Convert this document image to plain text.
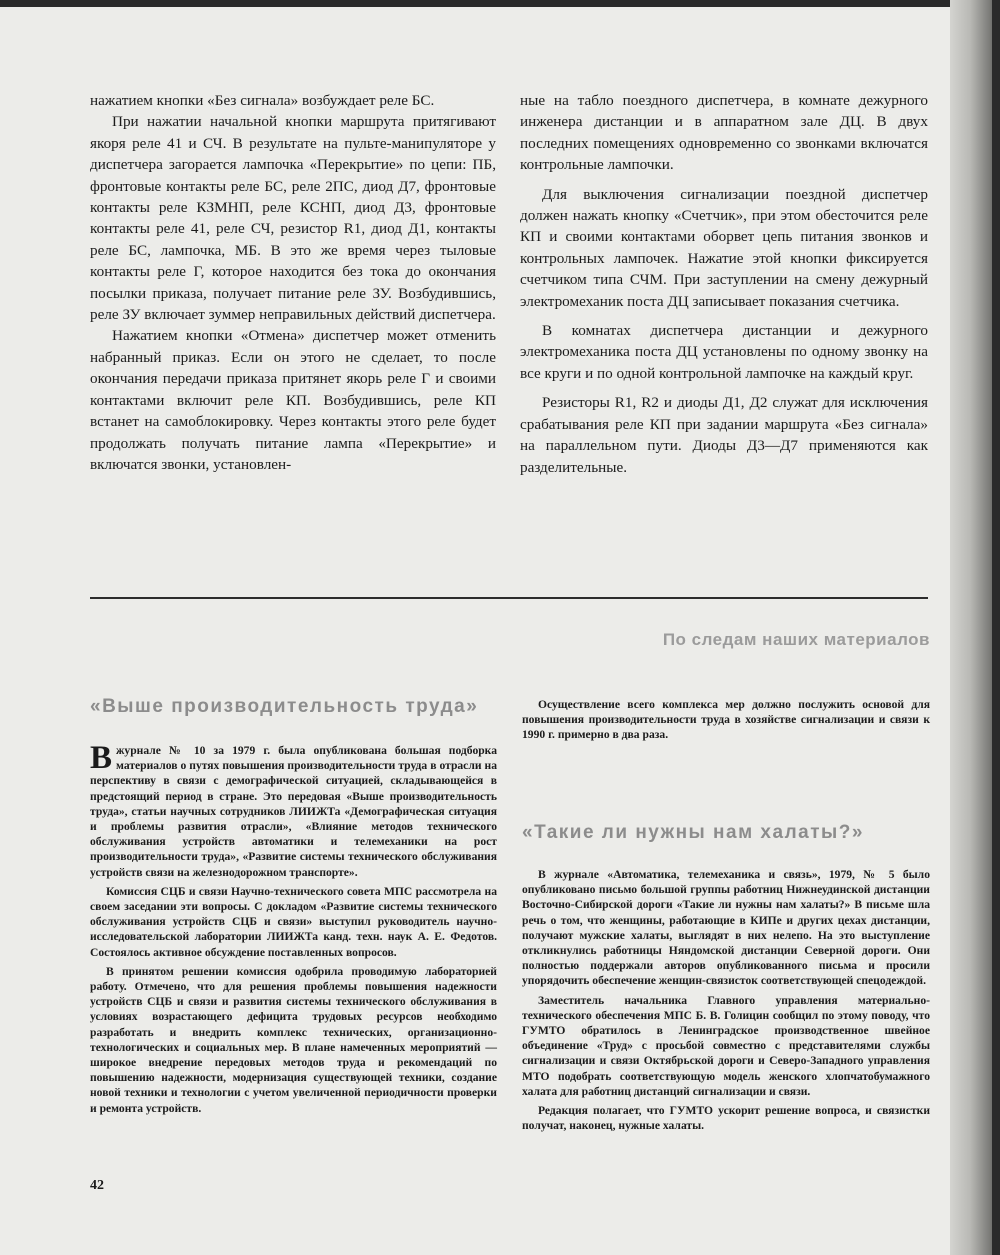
нажатием кнопки «Без сигнала» возбуждает реле БС.

При нажатии начальной кнопки маршрута притягивают якоря реле 41 и СЧ. В результате на пульте-манипуляторе у диспетчера загорается лампочка «Перекрытие» по цепи: ПБ, фронтовые контакты реле БС, реле 2ПС, диод Д7, фронтовые контакты реле КЗМНП, реле КСНП, диод Д3, фронтовые контакты реле 41, реле СЧ, резистор R1, диод Д1, контакты реле БС, лампочка, МБ. В это же время через тыловые контакты реле Г, которое находится без тока до окончания посылки приказа, получает питание реле ЗУ. Возбудившись, реле ЗУ включает зуммер неправильных действий диспетчера.

Нажатием кнопки «Отмена» диспетчер может отменить набранный приказ. Если он этого не сделает, то после окончания передачи приказа притянет якорь реле Г и своими контактами включит реле КП. Возбудившись, реле КП встанет на самоблокировку. Через контакты этого реле будет продолжать получать питание лампа «Перекрытие» и включатся звонки, установлен-

ные на табло поездного диспетчера, в комнате дежурного инженера дистанции и в аппаратном зале ДЦ. В двух последних помещениях одновременно со звонками включатся контрольные лампочки.

Для выключения сигнализации поездной диспетчер должен нажать кнопку «Счетчик», при этом обесточится реле КП и своими контактами оборвет цепь питания звонков и контрольных лампочек. Нажатие этой кнопки фиксируется счетчиком типа СЧМ. При заступлении на смену дежурный электромеханик поста ДЦ записывает показания счетчика.

В комнатах диспетчера дистанции и дежурного электромеханика поста ДЦ установлены по одному звонку на все круги и по одной контрольной лампочке на каждый круг.

Резисторы R1, R2 и диоды Д1, Д2 служат для исключения срабатывания реле КП при задании маршрута «Без сигнала» на параллельном пути. Диоды Д3—Д7 применяются как разделительные.

По следам наших материалов
«Выше производительность труда»

Вжурнале № 10 за 1979 г. была опубликована большая подборка материалов о путях повышения производительности труда в отрасли на перспективу в связи с демографической ситуацией, складывающейся в предстоящий период в стране. Это передовая «Выше производительность труда», статьи научных сотрудников ЛИИЖТа «Демографическая ситуация и проблемы развития отрасли», «Влияние методов технического обслуживания устройств автоматики и телемеханики на рост производительности труда», «Развитие системы технического обслуживания устройств связи на железнодорожном транспорте».

Комиссия СЦБ и связи Научно-технического совета МПС рассмотрела на своем заседании эти вопросы. С докладом «Развитие системы технического обслуживания устройств СЦБ и связи» выступил руководитель научно-исследовательской лаборатории ЛИИЖТа канд. техн. наук А. Е. Федотов. Состоялось активное обсуждение поставленных вопросов.

В принятом решении комиссия одобрила проводимую лабораторией работу. Отмечено, что для решения проблемы повышения надежности устройств СЦБ и связи и развития системы технического обслуживания в условиях возрастающего дефицита трудовых ресурсов необходимо разработать и внедрить комплекс технических, организационно-технологических и социальных мер. В плане намеченных мероприятий — широкое внедрение передовых методов труда и рекомендаций по повышению надежности, модернизация существующей техники, создание новой техники и технологии с учетом увеличенной периодичности проверки и ремонта устройств.

Осуществление всего комплекса мер должно послужить основой для повышения производительности труда в хозяйстве сигнализации и связи к 1990 г. примерно в два раза.

«Такие ли нужны нам халаты?»

В журнале «Автоматика, телемеханика и связь», 1979, № 5 было опубликовано письмо большой группы работниц Нижнеудинской дистанции Восточно-Сибирской дороги «Такие ли нужны нам халаты?» В письме шла речь о том, что женщины, работающие в КИПе и других цехах дистанции, получают мужские халаты, выглядят в них нелепо. На это выступление откликнулись работницы Няндомской дистанции Северной дороги. Они полностью поддержали авторов опубликованного письма и просили упорядочить обеспечение женщин-связисток соответствующей спецодеждой.

Заместитель начальника Главного управления материально-технического обеспечения МПС Б. В. Голицин сообщил по этому поводу, что ГУМТО обратилось в Ленинградское производственное швейное объединение «Труд» с просьбой совместно с представителями службы сигнализации и связи Октябрьской дороги и Северо-Западного управления МТО подобрать соответствующую модель женского хлопчатобумажного халата для работниц дистанций сигнализации и связи.

Редакция полагает, что ГУМТО ускорит решение вопроса, и связистки получат, наконец, нужные халаты.

42
